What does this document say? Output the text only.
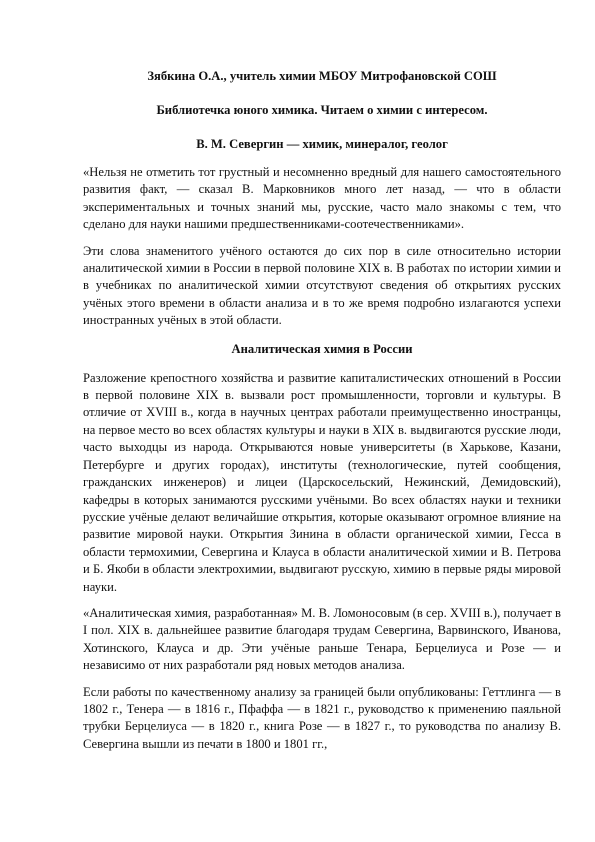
Зябкина О.А., учитель химии МБОУ Митрофановской СОШ
Библиотечка юного химика. Читаем о химии с интересом.
В. М. Севергин — химик, минералог, геолог

«Нельзя не отметить тот грустный и несомненно вредный для нашего самостоятельного развития факт, — сказал В. Марковников много лет назад, — что в области экспериментальных и точных знаний мы, русские, часто мало знакомы с тем, что сделано для науки нашими предшественниками-соотечественниками».

Эти слова знаменитого учёного остаются до сих пор в силе относительно истории аналитической химии в России в первой половине XIX в. В работах по истории химии и в учебниках по аналитической химии отсутствуют сведения об открытиях русских учёных этого времени в области анализа и в то же время подробно излагаются успехи иностранных учёных в этой области.

Аналитическая химия в России

Разложение крепостного хозяйства и развитие капиталистических отношений в России в первой половине XIX в. вызвали рост промышленности, торговли и культуры. В отличие от XVIII в., когда в научных центрах работали преимущественно иностранцы, на первое место во всех областях культуры и науки в XIX в. выдвигаются русские люди, часто выходцы из народа. Открываются новые университеты (в Харькове, Казани, Петербурге и других городах), институты (технологические, путей сообщения, гражданских инженеров) и лицеи (Царскосельский, Нежинский, Демидовский), кафедры в которых занимаются русскими учёными. Во всех областях науки и техники русские учёные делают величайшие открытия, которые оказывают огромное влияние на развитие мировой науки. Открытия Зинина в области органической химии, Гесса в области термохимии, Севергина и Клауса в области аналитической химии и В. Петрова и Б. Якоби в области электрохимии, выдвигают русскую, химию в первые ряды мировой науки.

«Аналитическая химия, разработанная» М. В. Ломоносовым (в сер. XVIII в.), получает в I пол. XIX в. дальнейшее развитие благодаря трудам Севергина, Варвинского, Иванова, Хотинского, Клауса и др. Эти учёные раньше Тенара, Берцелиуса и Розе — и независимо от них разработали ряд новых методов анализа.

Если работы по качественному анализу за границей были опубликованы: Геттлинга — в 1802 г., Тенера — в 1816 г., Пфаффа — в 1821 г., руководство к применению паяльной трубки Берцелиуса — в 1820 г., книга Розе — в 1827 г., то руководства по анализу В. Севергина вышли из печати в 1800 и 1801 гг.,
